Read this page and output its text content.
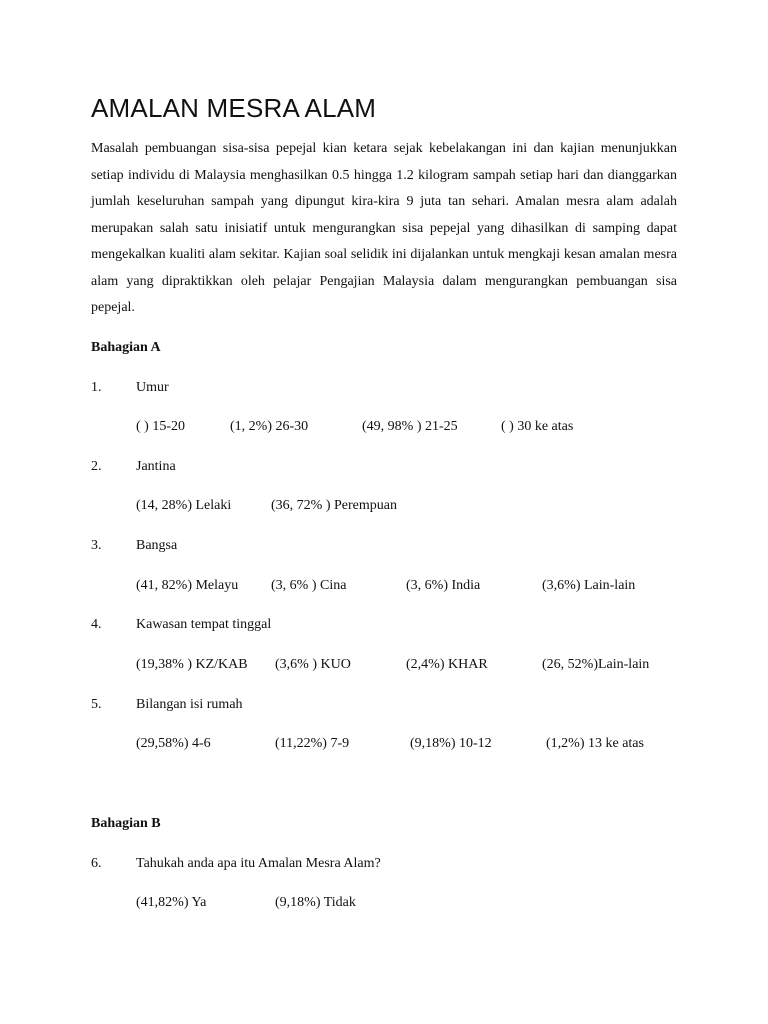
AMALAN MESRA ALAM

Masalah pembuangan sisa-sisa pepejal kian ketara sejak kebelakangan ini dan kajian menunjukkan setiap individu di Malaysia menghasilkan 0.5 hingga 1.2 kilogram sampah setiap hari dan dianggarkan jumlah keseluruhan sampah yang dipungut kira-kira 9 juta tan sehari. Amalan mesra alam adalah merupakan salah satu inisiatif untuk mengurangkan sisa pepejal yang dihasilkan di samping dapat mengekalkan kualiti alam sekitar. Kajian soal selidik ini dijalankan untuk mengkaji kesan amalan mesra alam yang dipraktikkan oleh pelajar Pengajian Malaysia dalam mengurangkan pembuangan sisa pepejal.

Bahagian A
1. Umur
( ) 15-20	(1, 2%) 26-30	(49, 98% ) 21-25	( ) 30 ke atas
2. Jantina
(14, 28%) Lelaki	(36, 72% ) Perempuan
3. Bangsa
(41, 82%) Melayu (3, 6% ) Cina	(3, 6%) India	(3,6%) Lain-lain
4. Kawasan tempat tinggal
(19,38% ) KZ/KAB (3,6% ) KUO	(2,4%) KHAR	(26, 52%)Lain-lain
5. Bilangan isi rumah
(29,58%) 4-6	(11,22%) 7-9	(9,18%) 10-12	(1,2%) 13 ke atas
Bahagian B
6. Tahukah anda apa itu Amalan Mesra Alam?
(41,82%) Ya	(9,18%) Tidak
